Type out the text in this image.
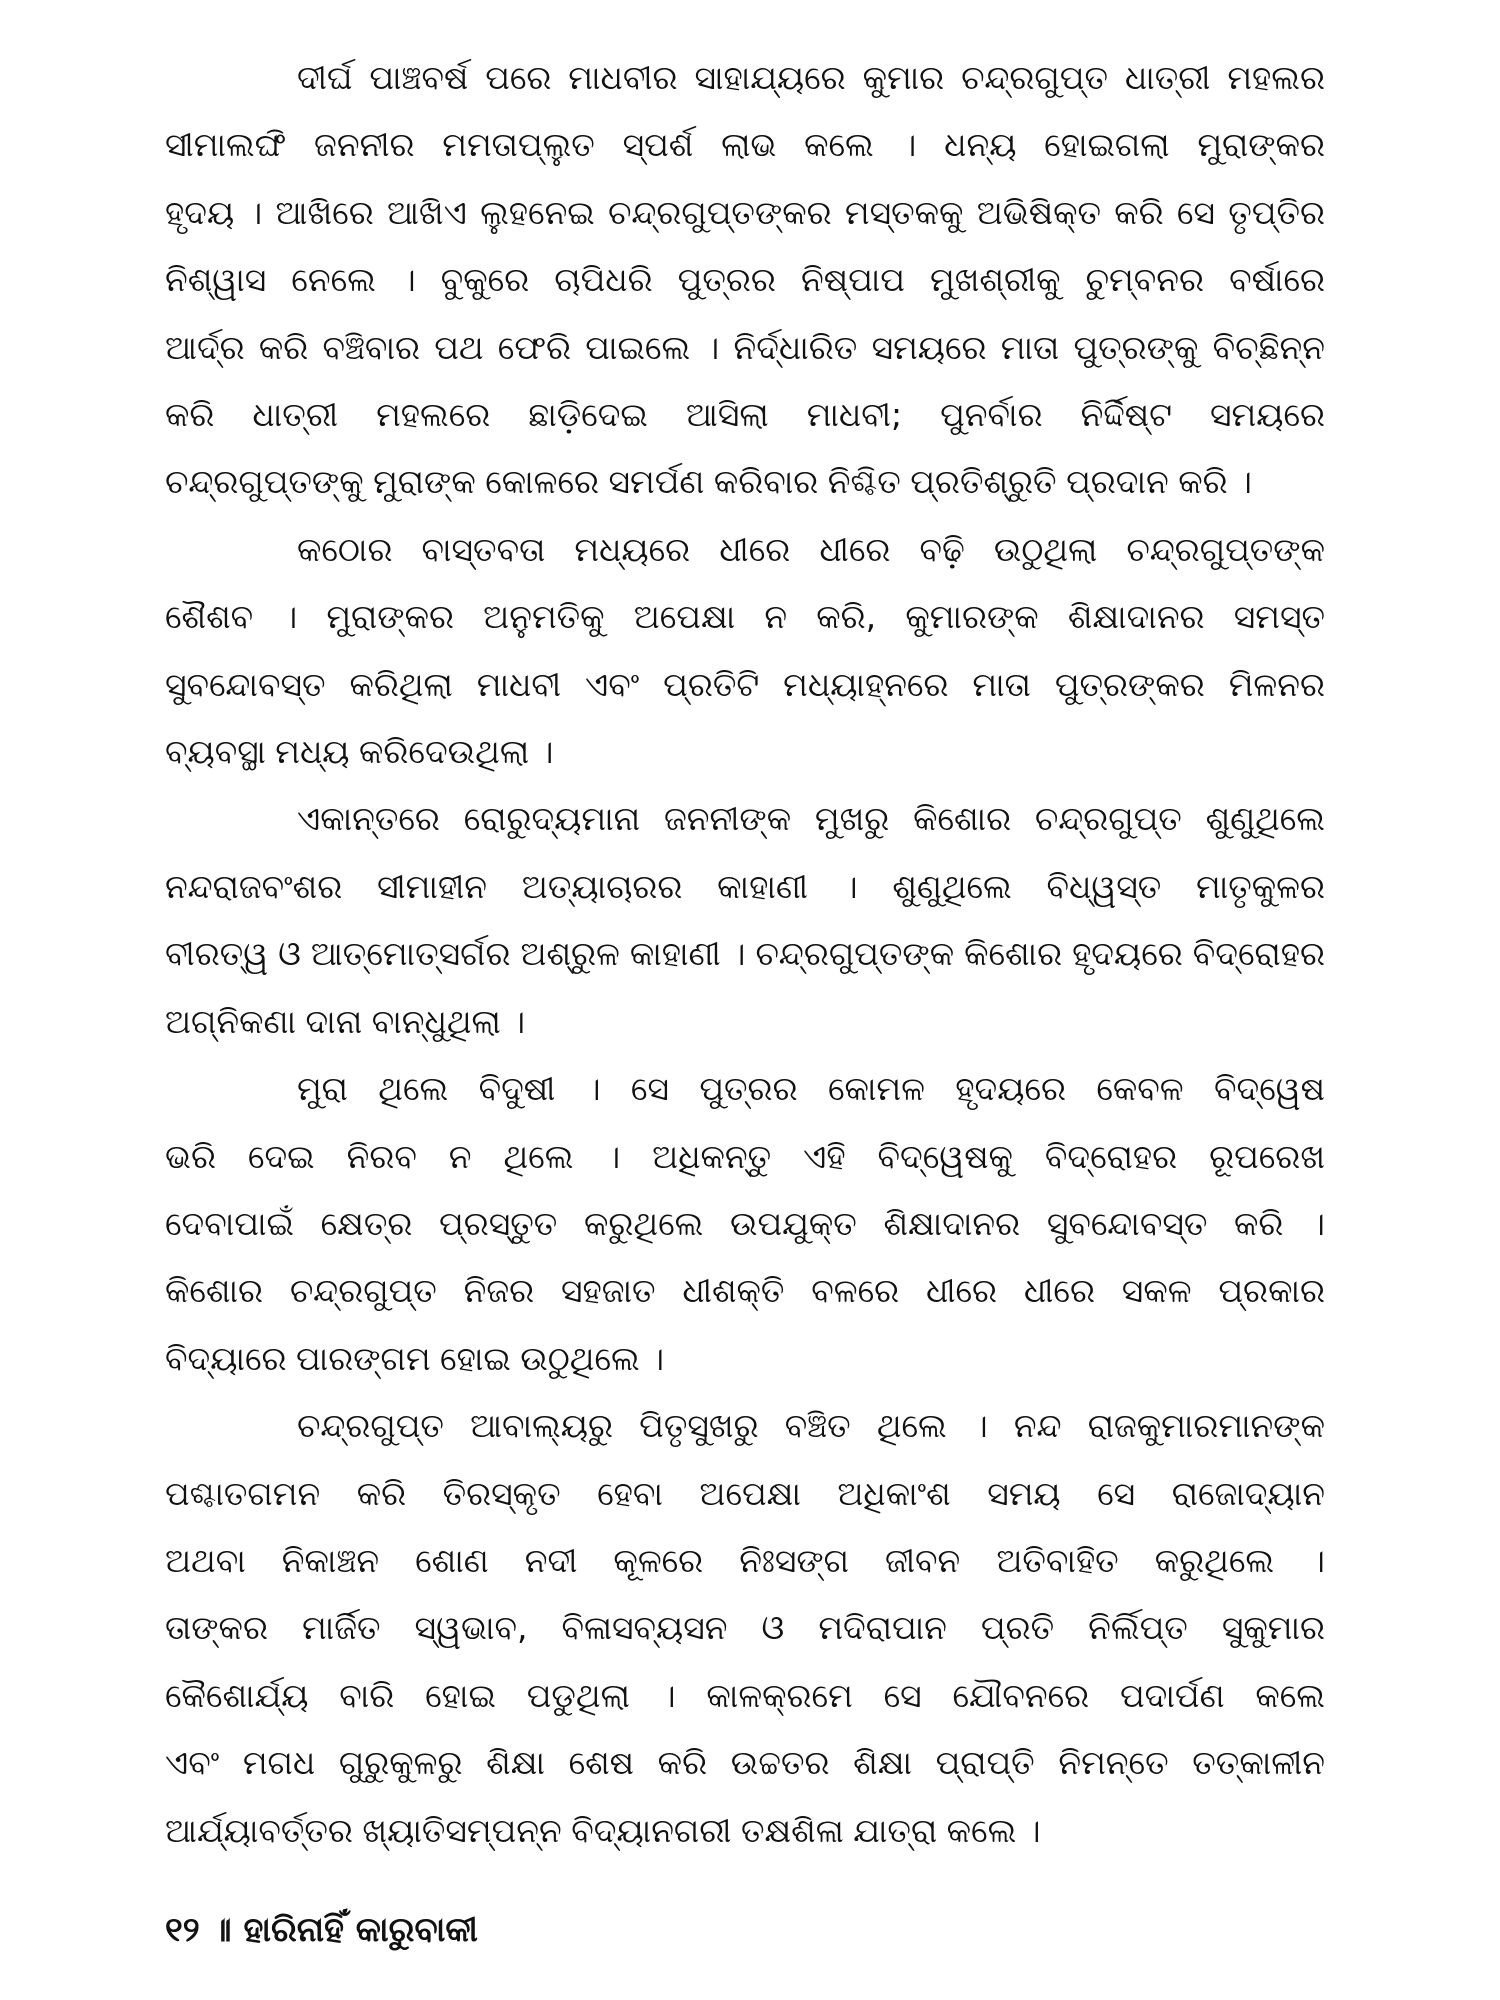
ଦୀର୍ଘ ପାଞ୍ଚବର୍ଷ ପରେ ମାଧବୀର ସାହାଯ୍ୟରେ କୁମାର ଚନ୍ଦ୍ରଗୁପ୍ତ ଧାତ୍ରୀ ମହଲର
ସୀମାଲଙ୍ଘି ଜନନୀର ମମତାପ୍ଲୁତ ସ୍ପର୍ଶ ଲାଭ କଲେ । ଧନ୍ୟ ହୋଇଗଲା ମୁରାଙ୍କର
ହୃଦୟ । ଆଖିରେ ଆଖିଏ ଲୁହନେଇ ଚନ୍ଦ୍ରଗୁପ୍ତଙ୍କର ମସ୍ତକକୁ ଅଭିଷିକ୍ତ କରି ସେ ତୃପ୍ତିର
ନିଶ୍ୱାସ ନେଲେ । ବୁକୁରେ ଚାପିଧରି ପୁତ୍ରର ନିଷ୍ପାପ ମୁଖଶ୍ରୀକୁ ଚୁମ୍ବନର ବର୍ଷାରେ
ଆର୍ଦ୍ର କରି ବଞ୍ଚିବାର ପଥ ଫେରି ପାଇଲେ । ନିର୍ଦ୍ଧାରିତ ସମୟରେ ମାତା ପୁତ୍ରଙ୍କୁ ବିଚ୍ଛିନ୍ନ
କରି ଧାତ୍ରୀ ମହଲରେ ଛାଡ଼ିଦେଇ ଆସିଲା ମାଧବୀ; ପୁନର୍ବାର ନିର୍ଦ୍ଦିଷ୍ଟ ସମୟରେ
ଚନ୍ଦ୍ରଗୁପ୍ତଙ୍କୁ ମୁରାଙ୍କ କୋଳରେ ସମର୍ପଣ କରିବାର ନିଶ୍ଚିତ ପ୍ରତିଶ୍ରୁତି ପ୍ରଦାନ କରି ।
କଠୋର ବାସ୍ତବତା ମଧ୍ୟରେ ଧୀରେ ଧୀରେ ବଢ଼ି ଉଠୁଥିଲା ଚନ୍ଦ୍ରଗୁପ୍ତଙ୍କ
ଶୈଶବ । ମୁରାଙ୍କର ଅନୁମତିକୁ ଅପେକ୍ଷା ନ କରି, କୁମାରଙ୍କ ଶିକ୍ଷାଦାନର ସମସ୍ତ
ସୁବନ୍ଦୋବସ୍ତ କରିଥିଲା ମାଧବୀ ଏବଂ ପ୍ରତିଟି ମଧ୍ୟାହ୍ନରେ ମାତା ପୁତ୍ରଙ୍କର ମିଳନର
ବ୍ୟବସ୍ଥା ମଧ୍ୟ କରିଦେଉଥିଲା ।
ଏକାନ୍ତରେ ରୋରୁଦ୍ୟମାନା ଜନନୀଙ୍କ ମୁଖରୁ କିଶୋର ଚନ୍ଦ୍ରଗୁପ୍ତ ଶୁଣୁଥିଲେ
ନନ୍ଦରାଜବଂଶର ସୀମାହୀନ ଅତ୍ୟାଚାରର କାହାଣୀ । ଶୁଣୁଥିଲେ ବିଧ୍ୱସ୍ତ ମାତୃକୁଳର
ବୀରତ୍ୱ ଓ ଆତ୍ମୋତ୍ସର୍ଗର ଅଶ୍ରୁଳ କାହାଣୀ । ଚନ୍ଦ୍ରଗୁପ୍ତଙ୍କ କିଶୋର ହୃଦୟରେ ବିଦ୍ରୋହର
ଅଗ୍ନିକଣା ଦାନା ବାନ୍ଧୁଥିଲା ।
ମୁରା ଥିଲେ ବିଦୁଷୀ । ସେ ପୁତ୍ରର କୋମଳ ହୃଦୟରେ କେବଳ ବିଦ୍ୱେଷ
ଭରି ଦେଇ ନିରବ ନ ଥିଲେ । ଅଧିକନ୍ତୁ ଏହି ବିଦ୍ୱେଷକୁ ବିଦ୍ରୋହର ରୂପରେଖ
ଦେବାପାଇଁ କ୍ଷେତ୍ର ପ୍ରସ୍ତୁତ କରୁଥିଲେ ଉପଯୁକ୍ତ ଶିକ୍ଷାଦାନର ସୁବନ୍ଦୋବସ୍ତ କରି ।
କିଶୋର ଚନ୍ଦ୍ରଗୁପ୍ତ ନିଜର ସହଜାତ ଧୀଶକ୍ତି ବଳରେ ଧୀରେ ଧୀରେ ସକଳ ପ୍ରକାର
ବିଦ୍ୟାରେ ପାରଙ୍ଗମ ହୋଇ ଉଠୁଥିଲେ ।
ଚନ୍ଦ୍ରଗୁପ୍ତ ଆବାଲ୍ୟରୁ ପିତୃସୁଖରୁ ବଞ୍ଚିତ ଥିଲେ । ନନ୍ଦ ରାଜକୁମାରମାନଙ୍କ
ପଶ୍ଚାତଗମନ କରି ତିରସ୍କୃତ ହେବା ଅପେକ୍ଷା ଅଧିକାଂଶ ସମୟ ସେ ରାଜୋଦ୍ୟାନ
ଅଥବା ନିକାଞ୍ଚନ ଶୋଣ ନଦୀ କୂଳରେ ନିଃସଙ୍ଗ ଜୀବନ ଅତିବାହିତ କରୁଥିଲେ ।
ତାଙ୍କର ମାର୍ଜିତ ସ୍ୱଭାବ, ବିଳାସବ୍ୟସନ ଓ ମଦିରାପାନ ପ୍ରତି ନିର୍ଲିପ୍ତ ସୁକୁମାର
କୈଶୋର୍ଯ୍ୟ ବାରି ହୋଇ ପଡୁଥିଲା । କାଳକ୍ରମେ ସେ ଯୌବନରେ ପଦାର୍ପଣ କଲେ
ଏବଂ ମଗଧ ଗୁରୁକୁଳରୁ ଶିକ୍ଷା ଶେଷ କରି ଉଚ୍ଚତର ଶିକ୍ଷା ପ୍ରାପ୍ତି ନିମନ୍ତେ ତତ୍କାଳୀନ
ଆର୍ଯ୍ୟାବର୍ତ୍ତର ଖ୍ୟାତିସମ୍ପନ୍ନ ବିଦ୍ୟାନଗରୀ ତକ୍ଷଶିଳା ଯାତ୍ରା କଲେ ।
୧୨ ॥ ହାରିନାହିଁ କାରୁବାକୀ
